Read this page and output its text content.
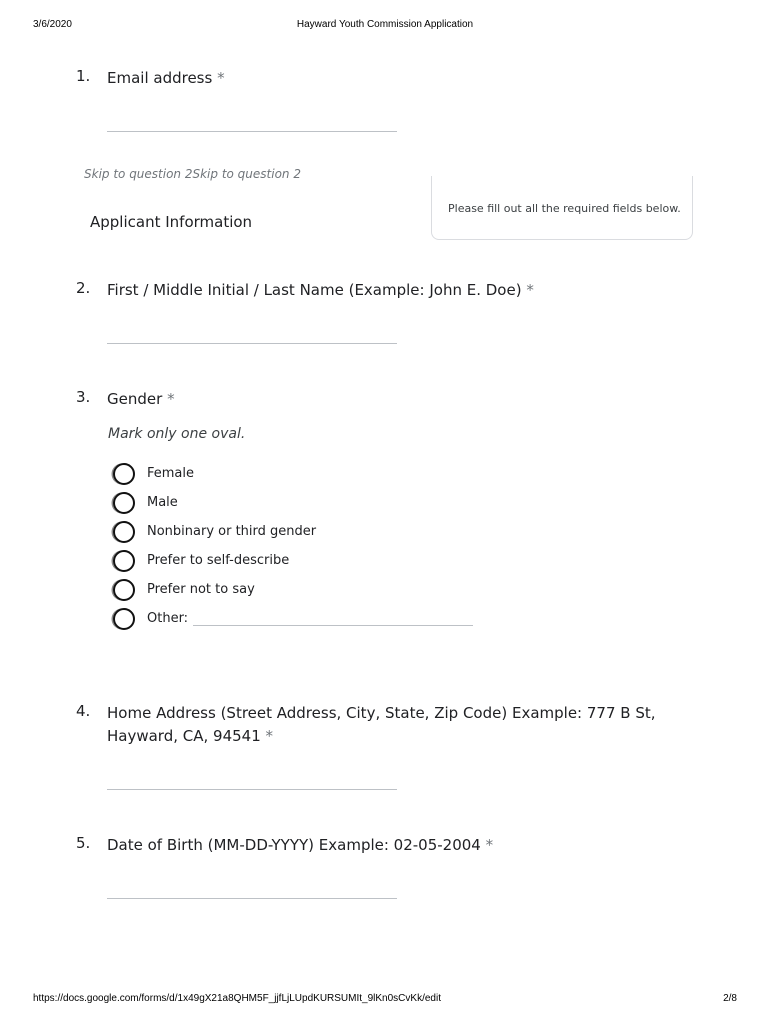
3/6/2020	Hayward Youth Commission Application
1. Email address *
Skip to question 2Skip to question 2
Applicant Information
Please fill out all the required fields below.
2. First / Middle Initial / Last Name (Example: John E. Doe) *
3. Gender *
Mark only one oval.
Female
Male
Nonbinary or third gender
Prefer to self-describe
Prefer not to say
Other:
4. Home Address (Street Address, City, State, Zip Code) Example: 777 B St, Hayward, CA, 94541 *
5. Date of Birth (MM-DD-YYYY) Example: 02-05-2004 *
https://docs.google.com/forms/d/1x49gX21a8QHM5F_jjfLjLUpdKURSUMIt_9lKn0sCvKk/edit	2/8
